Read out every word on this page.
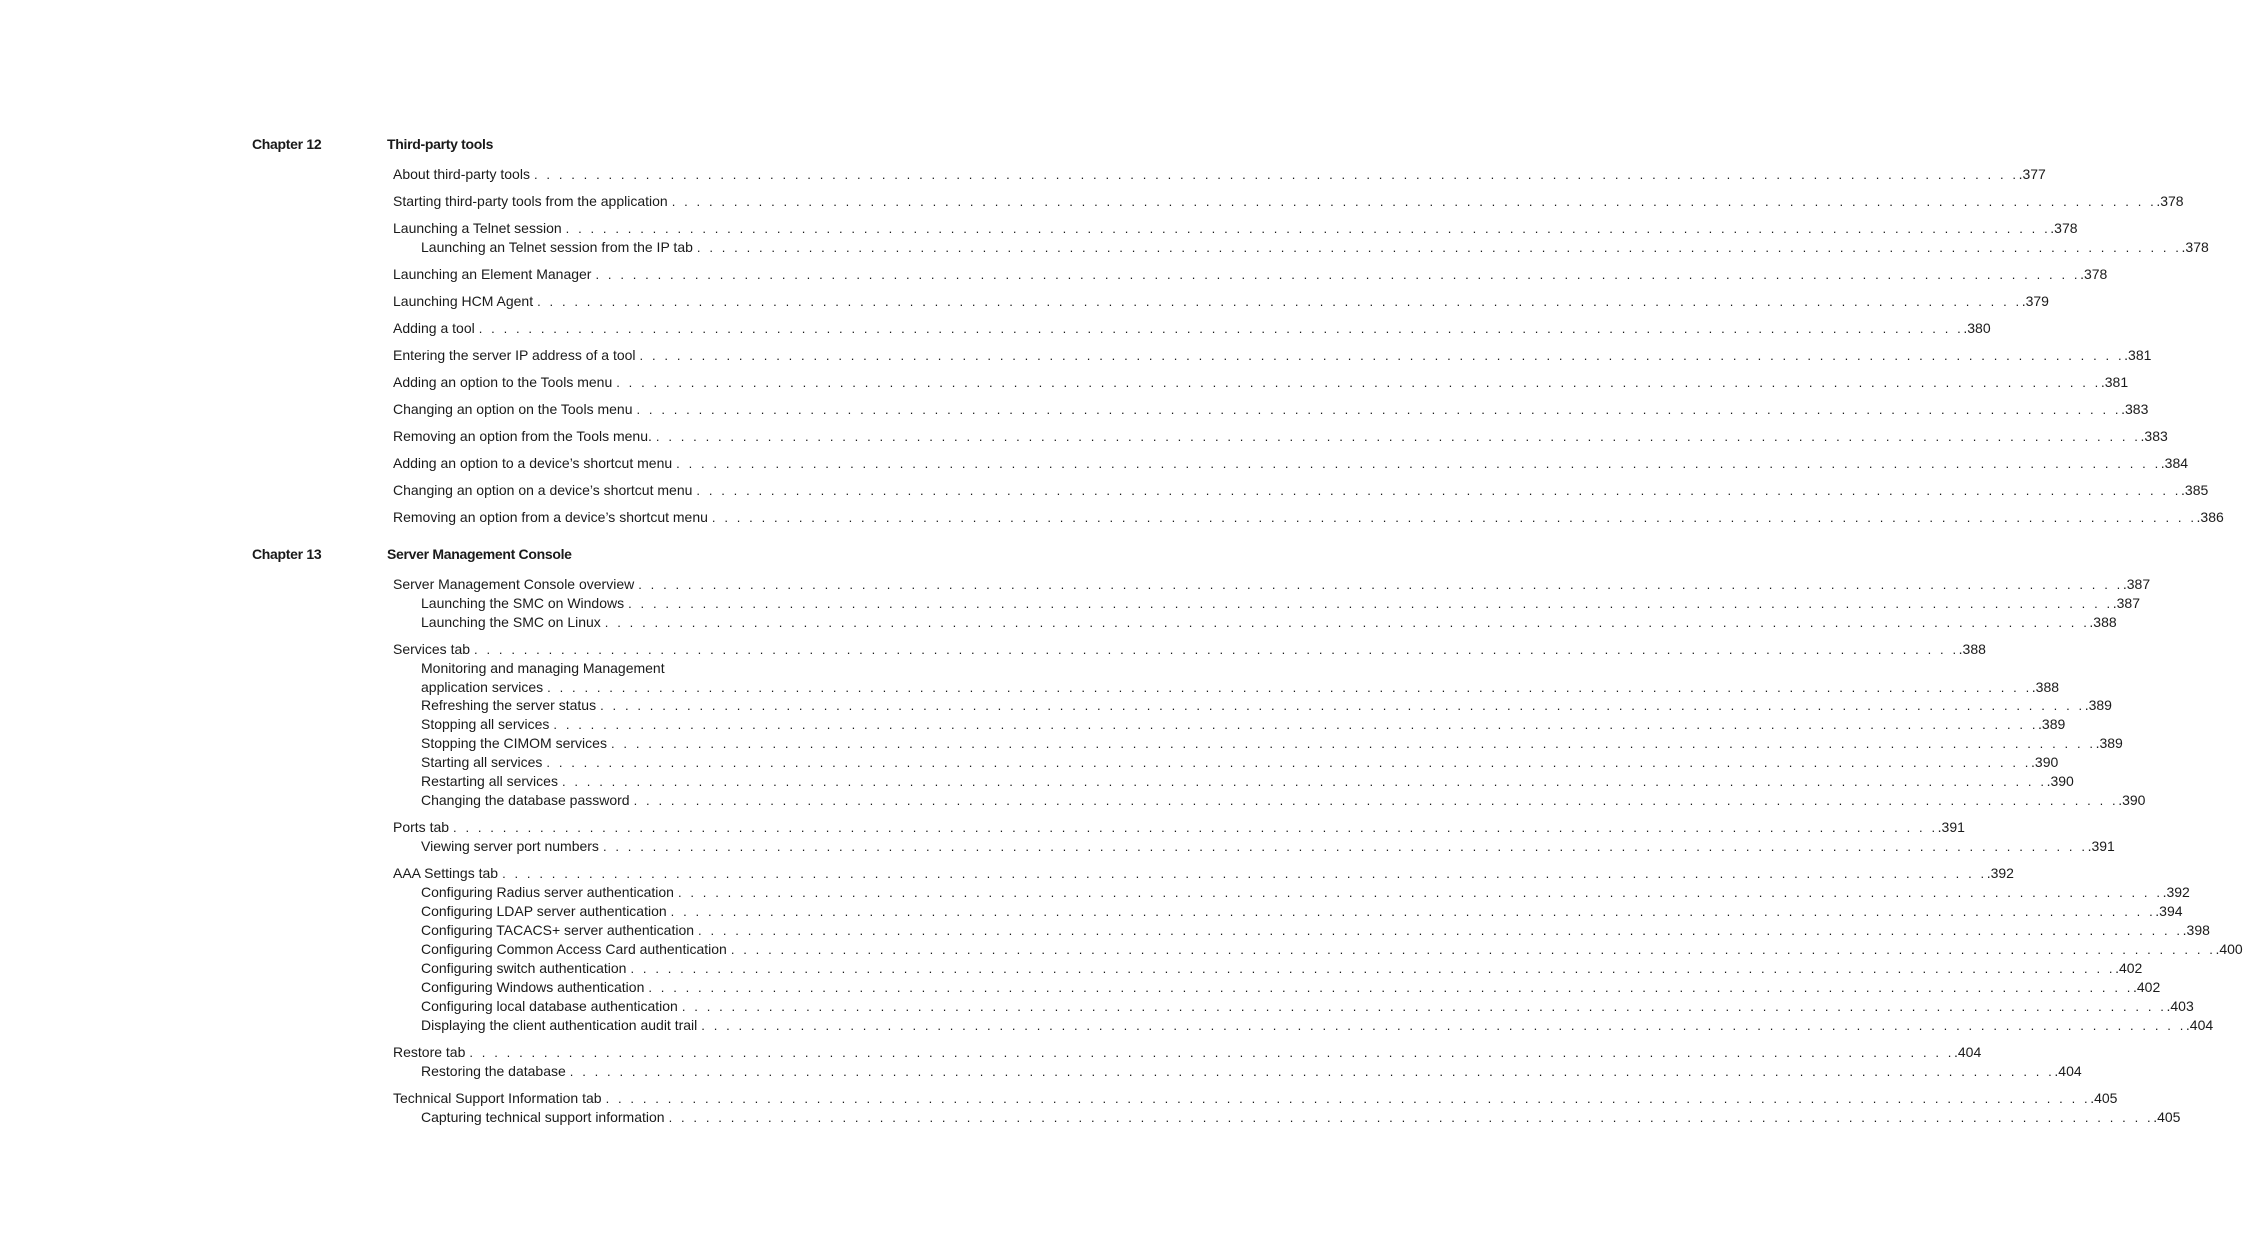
Chapter 12	Third-party tools
About third-party tools . . . . . . . . . . . . . . . . . . . . . . . . . . . . . . . . . . . . . . . . . . . . . . . . . . . . . . . . . . . . . . . . . . . . . . . . . . . . . . . . . . . . . . . . . . . . . . . . . . . . . . . . . . . . . . . . . . . . . . . . .377
Starting third-party tools from the application . . . . . . . . . . . . . . . . . . . . . . . . . . . . . . . . . . . . . . . . . . . . . . . . . . . . . . . . . . . . . . . . . . . . . . . . . . . . . . . . . . . . . . . . . . . . . . . . . . . . . . . . . . . . . . . . . . . . . . . . .378
Launching a Telnet session . . . . . . . . . . . . . . . . . . . . . . . . . . . . . . . . . . . . . . . . . . . . . . . . . . . . . . . . . . . . . . . . . . . . . . . . . . . . . . . . . . . . . . . . . . . . . . . . . . . . . . . . . . . . . . . . . . . . . . . . .378
Launching an Telnet session from the IP tab . . . . . . . . . . . . . . . . . . . . . . . . . . . . . . . . . . . . . . . . . . . . . . . . . . . . . . . . . . . . . . . . . . . . . . . . . . . . . . . . . . . . . . . . . . . . . . . . . . . . . . . . . . . . . . . . . . . . . . . . .378
Launching an Element Manager . . . . . . . . . . . . . . . . . . . . . . . . . . . . . . . . . . . . . . . . . . . . . . . . . . . . . . . . . . . . . . . . . . . . . . . . . . . . . . . . . . . . . . . . . . . . . . . . . . . . . . . . . . . . . . . . . . . . . . . . .378
Launching HCM Agent . . . . . . . . . . . . . . . . . . . . . . . . . . . . . . . . . . . . . . . . . . . . . . . . . . . . . . . . . . . . . . . . . . . . . . . . . . . . . . . . . . . . . . . . . . . . . . . . . . . . . . . . . . . . . . . . . . . . . . . . .379
Adding a tool . . . . . . . . . . . . . . . . . . . . . . . . . . . . . . . . . . . . . . . . . . . . . . . . . . . . . . . . . . . . . . . . . . . . . . . . . . . . . . . . . . . . . . . . . . . . . . . . . . . . . . . . . . . . . . . . . . . . . . . . .380
Entering the server IP address of a tool . . . . . . . . . . . . . . . . . . . . . . . . . . . . . . . . . . . . . . . . . . . . . . . . . . . . . . . . . . . . . . . . . . . . . . . . . . . . . . . . . . . . . . . . . . . . . . . . . . . . . . . . . . . . . . . . . . . . . . . . .381
Adding an option to the Tools menu . . . . . . . . . . . . . . . . . . . . . . . . . . . . . . . . . . . . . . . . . . . . . . . . . . . . . . . . . . . . . . . . . . . . . . . . . . . . . . . . . . . . . . . . . . . . . . . . . . . . . . . . . . . . . . . . . . . . . . . . .381
Changing an option on the Tools menu . . . . . . . . . . . . . . . . . . . . . . . . . . . . . . . . . . . . . . . . . . . . . . . . . . . . . . . . . . . . . . . . . . . . . . . . . . . . . . . . . . . . . . . . . . . . . . . . . . . . . . . . . . . . . . . . . . . . . . . . .383
Removing an option from the Tools menu. . . . . . . . . . . . . . . . . . . . . . . . . . . . . . . . . . . . . . . . . . . . . . . . . . . . . . . . . . . . . . . . . . . . . . . . . . . . . . . . . . . . . . . . . . . . . . . . . . . . . . . . . . . . . . . . . . . . . . . . . .383
Adding an option to a device’s shortcut menu . . . . . . . . . . . . . . . . . . . . . . . . . . . . . . . . . . . . . . . . . . . . . . . . . . . . . . . . . . . . . . . . . . . . . . . . . . . . . . . . . . . . . . . . . . . . . . . . . . . . . . . . . . . . . . . . . . . . . . . . .384
Changing an option on a device’s shortcut menu . . . . . . . . . . . . . . . . . . . . . . . . . . . . . . . . . . . . . . . . . . . . . . . . . . . . . . . . . . . . . . . . . . . . . . . . . . . . . . . . . . . . . . . . . . . . . . . . . . . . . . . . . . . . . . . . . . . . . . . . .385
Removing an option from a device’s shortcut menu . . . . . . . . . . . . . . . . . . . . . . . . . . . . . . . . . . . . . . . . . . . . . . . . . . . . . . . . . . . . . . . . . . . . . . . . . . . . . . . . . . . . . . . . . . . . . . . . . . . . . . . . . . . . . . . . . . . . . . . . .386
Chapter 13	Server Management Console
Server Management Console overview . . . . . . . . . . . . . . . . . . . . . . . . . . . . . . . . . . . . . . . . . . . . . . . . . . . . . . . . . . . . . . . . . . . . . . . . . . . . . . . . . . . . . . . . . . . . . . . . . . . . . . . . . . . . . . . . . . . . . . . . .387
Launching the SMC on Windows . . . . . . . . . . . . . . . . . . . . . . . . . . . . . . . . . . . . . . . . . . . . . . . . . . . . . . . . . . . . . . . . . . . . . . . . . . . . . . . . . . . . . . . . . . . . . . . . . . . . . . . . . . . . . . . . . . . . . . . . .387
Launching the SMC on Linux . . . . . . . . . . . . . . . . . . . . . . . . . . . . . . . . . . . . . . . . . . . . . . . . . . . . . . . . . . . . . . . . . . . . . . . . . . . . . . . . . . . . . . . . . . . . . . . . . . . . . . . . . . . . . . . . . . . . . . . . .388
Services tab . . . . . . . . . . . . . . . . . . . . . . . . . . . . . . . . . . . . . . . . . . . . . . . . . . . . . . . . . . . . . . . . . . . . . . . . . . . . . . . . . . . . . . . . . . . . . . . . . . . . . . . . . . . . . . . . . . . . . . . . .388
Monitoring and managing Management
application services . . . . . . . . . . . . . . . . . . . . . . . . . . . . . . . . . . . . . . . . . . . . . . . . . . . . . . . . . . . . . . . . . . . . . . . . . . . . . . . . . . . . . . . . . . . . . . . . . . . . . . . . . . . . . . . . . . . . . . . . .388
Refreshing the server status . . . . . . . . . . . . . . . . . . . . . . . . . . . . . . . . . . . . . . . . . . . . . . . . . . . . . . . . . . . . . . . . . . . . . . . . . . . . . . . . . . . . . . . . . . . . . . . . . . . . . . . . . . . . . . . . . . . . . . . . .389
Stopping all services . . . . . . . . . . . . . . . . . . . . . . . . . . . . . . . . . . . . . . . . . . . . . . . . . . . . . . . . . . . . . . . . . . . . . . . . . . . . . . . . . . . . . . . . . . . . . . . . . . . . . . . . . . . . . . . . . . . . . . . . .389
Stopping the CIMOM services . . . . . . . . . . . . . . . . . . . . . . . . . . . . . . . . . . . . . . . . . . . . . . . . . . . . . . . . . . . . . . . . . . . . . . . . . . . . . . . . . . . . . . . . . . . . . . . . . . . . . . . . . . . . . . . . . . . . . . . . .389
Starting all services . . . . . . . . . . . . . . . . . . . . . . . . . . . . . . . . . . . . . . . . . . . . . . . . . . . . . . . . . . . . . . . . . . . . . . . . . . . . . . . . . . . . . . . . . . . . . . . . . . . . . . . . . . . . . . . . . . . . . . . . .390
Restarting all services . . . . . . . . . . . . . . . . . . . . . . . . . . . . . . . . . . . . . . . . . . . . . . . . . . . . . . . . . . . . . . . . . . . . . . . . . . . . . . . . . . . . . . . . . . . . . . . . . . . . . . . . . . . . . . . . . . . . . . . . .390
Changing the database password . . . . . . . . . . . . . . . . . . . . . . . . . . . . . . . . . . . . . . . . . . . . . . . . . . . . . . . . . . . . . . . . . . . . . . . . . . . . . . . . . . . . . . . . . . . . . . . . . . . . . . . . . . . . . . . . . . . . . . . . .390
Ports tab . . . . . . . . . . . . . . . . . . . . . . . . . . . . . . . . . . . . . . . . . . . . . . . . . . . . . . . . . . . . . . . . . . . . . . . . . . . . . . . . . . . . . . . . . . . . . . . . . . . . . . . . . . . . . . . . . . . . . . . . .391
Viewing server port numbers . . . . . . . . . . . . . . . . . . . . . . . . . . . . . . . . . . . . . . . . . . . . . . . . . . . . . . . . . . . . . . . . . . . . . . . . . . . . . . . . . . . . . . . . . . . . . . . . . . . . . . . . . . . . . . . . . . . . . . . . .391
AAA Settings tab . . . . . . . . . . . . . . . . . . . . . . . . . . . . . . . . . . . . . . . . . . . . . . . . . . . . . . . . . . . . . . . . . . . . . . . . . . . . . . . . . . . . . . . . . . . . . . . . . . . . . . . . . . . . . . . . . . . . . . . . .392
Configuring Radius server authentication . . . . . . . . . . . . . . . . . . . . . . . . . . . . . . . . . . . . . . . . . . . . . . . . . . . . . . . . . . . . . . . . . . . . . . . . . . . . . . . . . . . . . . . . . . . . . . . . . . . . . . . . . . . . . . . . . . . . . . . . .392
Configuring LDAP server authentication . . . . . . . . . . . . . . . . . . . . . . . . . . . . . . . . . . . . . . . . . . . . . . . . . . . . . . . . . . . . . . . . . . . . . . . . . . . . . . . . . . . . . . . . . . . . . . . . . . . . . . . . . . . . . . . . . . . . . . . . .394
Configuring TACACS+ server authentication . . . . . . . . . . . . . . . . . . . . . . . . . . . . . . . . . . . . . . . . . . . . . . . . . . . . . . . . . . . . . . . . . . . . . . . . . . . . . . . . . . . . . . . . . . . . . . . . . . . . . . . . . . . . . . . . . . . . . . . . .398
Configuring Common Access Card authentication . . . . . . . . . . . . . . . . . . . . . . . . . . . . . . . . . . . . . . . . . . . . . . . . . . . . . . . . . . . . . . . . . . . . . . . . . . . . . . . . . . . . . . . . . . . . . . . . . . . . . . . . . . . . . . . . . . . . . . . . .400
Configuring switch authentication . . . . . . . . . . . . . . . . . . . . . . . . . . . . . . . . . . . . . . . . . . . . . . . . . . . . . . . . . . . . . . . . . . . . . . . . . . . . . . . . . . . . . . . . . . . . . . . . . . . . . . . . . . . . . . . . . . . . . . . . .402
Configuring Windows authentication . . . . . . . . . . . . . . . . . . . . . . . . . . . . . . . . . . . . . . . . . . . . . . . . . . . . . . . . . . . . . . . . . . . . . . . . . . . . . . . . . . . . . . . . . . . . . . . . . . . . . . . . . . . . . . . . . . . . . . . . .402
Configuring local database authentication . . . . . . . . . . . . . . . . . . . . . . . . . . . . . . . . . . . . . . . . . . . . . . . . . . . . . . . . . . . . . . . . . . . . . . . . . . . . . . . . . . . . . . . . . . . . . . . . . . . . . . . . . . . . . . . . . . . . . . . . .403
Displaying the client authentication audit trail . . . . . . . . . . . . . . . . . . . . . . . . . . . . . . . . . . . . . . . . . . . . . . . . . . . . . . . . . . . . . . . . . . . . . . . . . . . . . . . . . . . . . . . . . . . . . . . . . . . . . . . . . . . . . . . . . . . . . . . . .404
Restore tab . . . . . . . . . . . . . . . . . . . . . . . . . . . . . . . . . . . . . . . . . . . . . . . . . . . . . . . . . . . . . . . . . . . . . . . . . . . . . . . . . . . . . . . . . . . . . . . . . . . . . . . . . . . . . . . . . . . . . . . . .404
Restoring the database . . . . . . . . . . . . . . . . . . . . . . . . . . . . . . . . . . . . . . . . . . . . . . . . . . . . . . . . . . . . . . . . . . . . . . . . . . . . . . . . . . . . . . . . . . . . . . . . . . . . . . . . . . . . . . . . . . . . . . . . .404
Technical Support Information tab . . . . . . . . . . . . . . . . . . . . . . . . . . . . . . . . . . . . . . . . . . . . . . . . . . . . . . . . . . . . . . . . . . . . . . . . . . . . . . . . . . . . . . . . . . . . . . . . . . . . . . . . . . . . . . . . . . . . . . . . .405
Capturing technical support information . . . . . . . . . . . . . . . . . . . . . . . . . . . . . . . . . . . . . . . . . . . . . . . . . . . . . . . . . . . . . . . . . . . . . . . . . . . . . . . . . . . . . . . . . . . . . . . . . . . . . . . . . . . . . . . . . . . . . . . . .405
